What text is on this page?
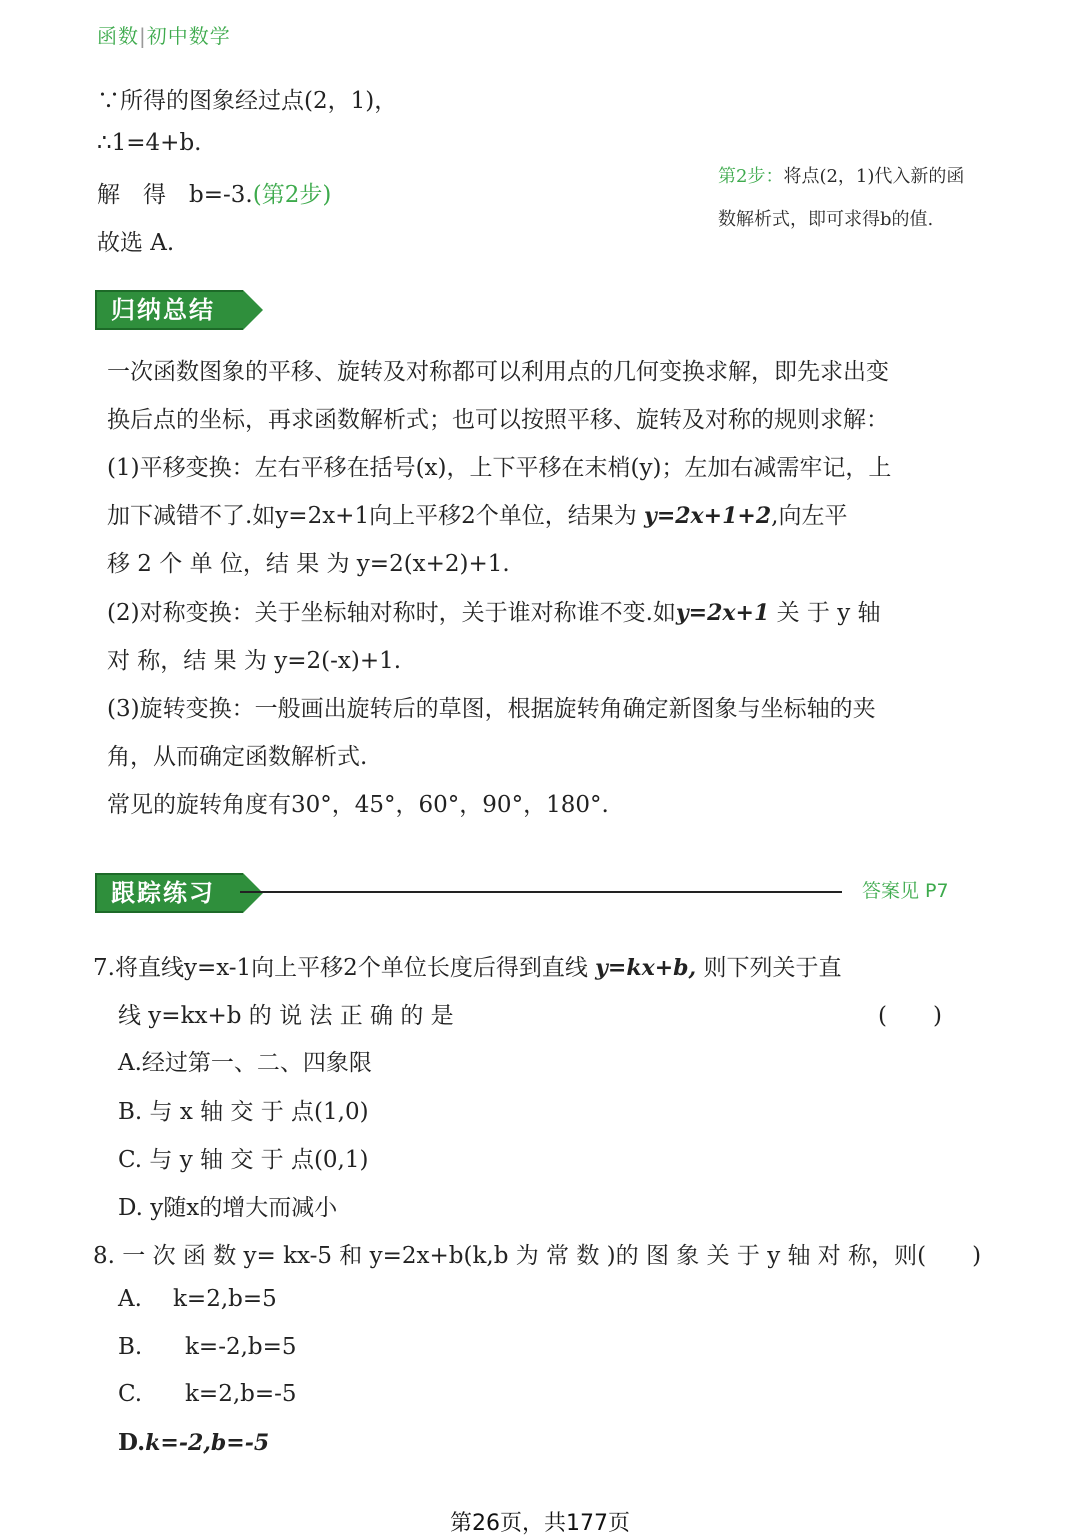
函数|初中数学
∵所得的图象经过点(2，1)，
∴1=4+b.
解　得　b=-3.(第2步)
故选 A.
第2步：将点(2，1)代入新的函数解析式，即可求得b的值.
归纳总结
一次函数图象的平移、旋转及对称都可以利用点的几何变换求解，即先求出变
换后点的坐标，再求函数解析式；也可以按照平移、旋转及对称的规则求解：
(1)平移变换：左右平移在括号(x)，上下平移在末梢(y)；左加右减需牢记，上
加下减错不了.如y=2x+1向上平移2个单位，结果为 y=2x+1+2,向左平
移 2 个 单 位，结 果 为 y=2(x+2)+1.
(2)对称变换：关于坐标轴对称时，关于谁对称谁不变.如y=2x+1 关 于 y 轴
对 称，结 果 为 y=2(-x)+1.
(3)旋转变换：一般画出旋转后的草图，根据旋转角确定新图象与坐标轴的夹
角，从而确定函数解析式.
常见的旋转角度有30°，45°，60°，90°，180°.
跟踪练习	答案见 P7
7.将直线y=x-1向上平移2个单位长度后得到直线 y=kx+b, 则下列关于直
线 y=kx+b 的 说 法 正 确 的 是	(　　)
A.经过第一、二、四象限
B. 与 x 轴 交 于 点(1,0)
C. 与 y 轴 交 于 点(0,1)
D. y随x的增大而减小
8. 一 次 函 数 y= kx-5 和 y=2x+b(k,b 为 常 数 )的 图 象 关 于 y 轴 对 称，则(　　)
A. k=2,b=5
B. k=-2,b=5
C. k=2,b=-5
D.k=-2,b=-5
第26页，共177页
